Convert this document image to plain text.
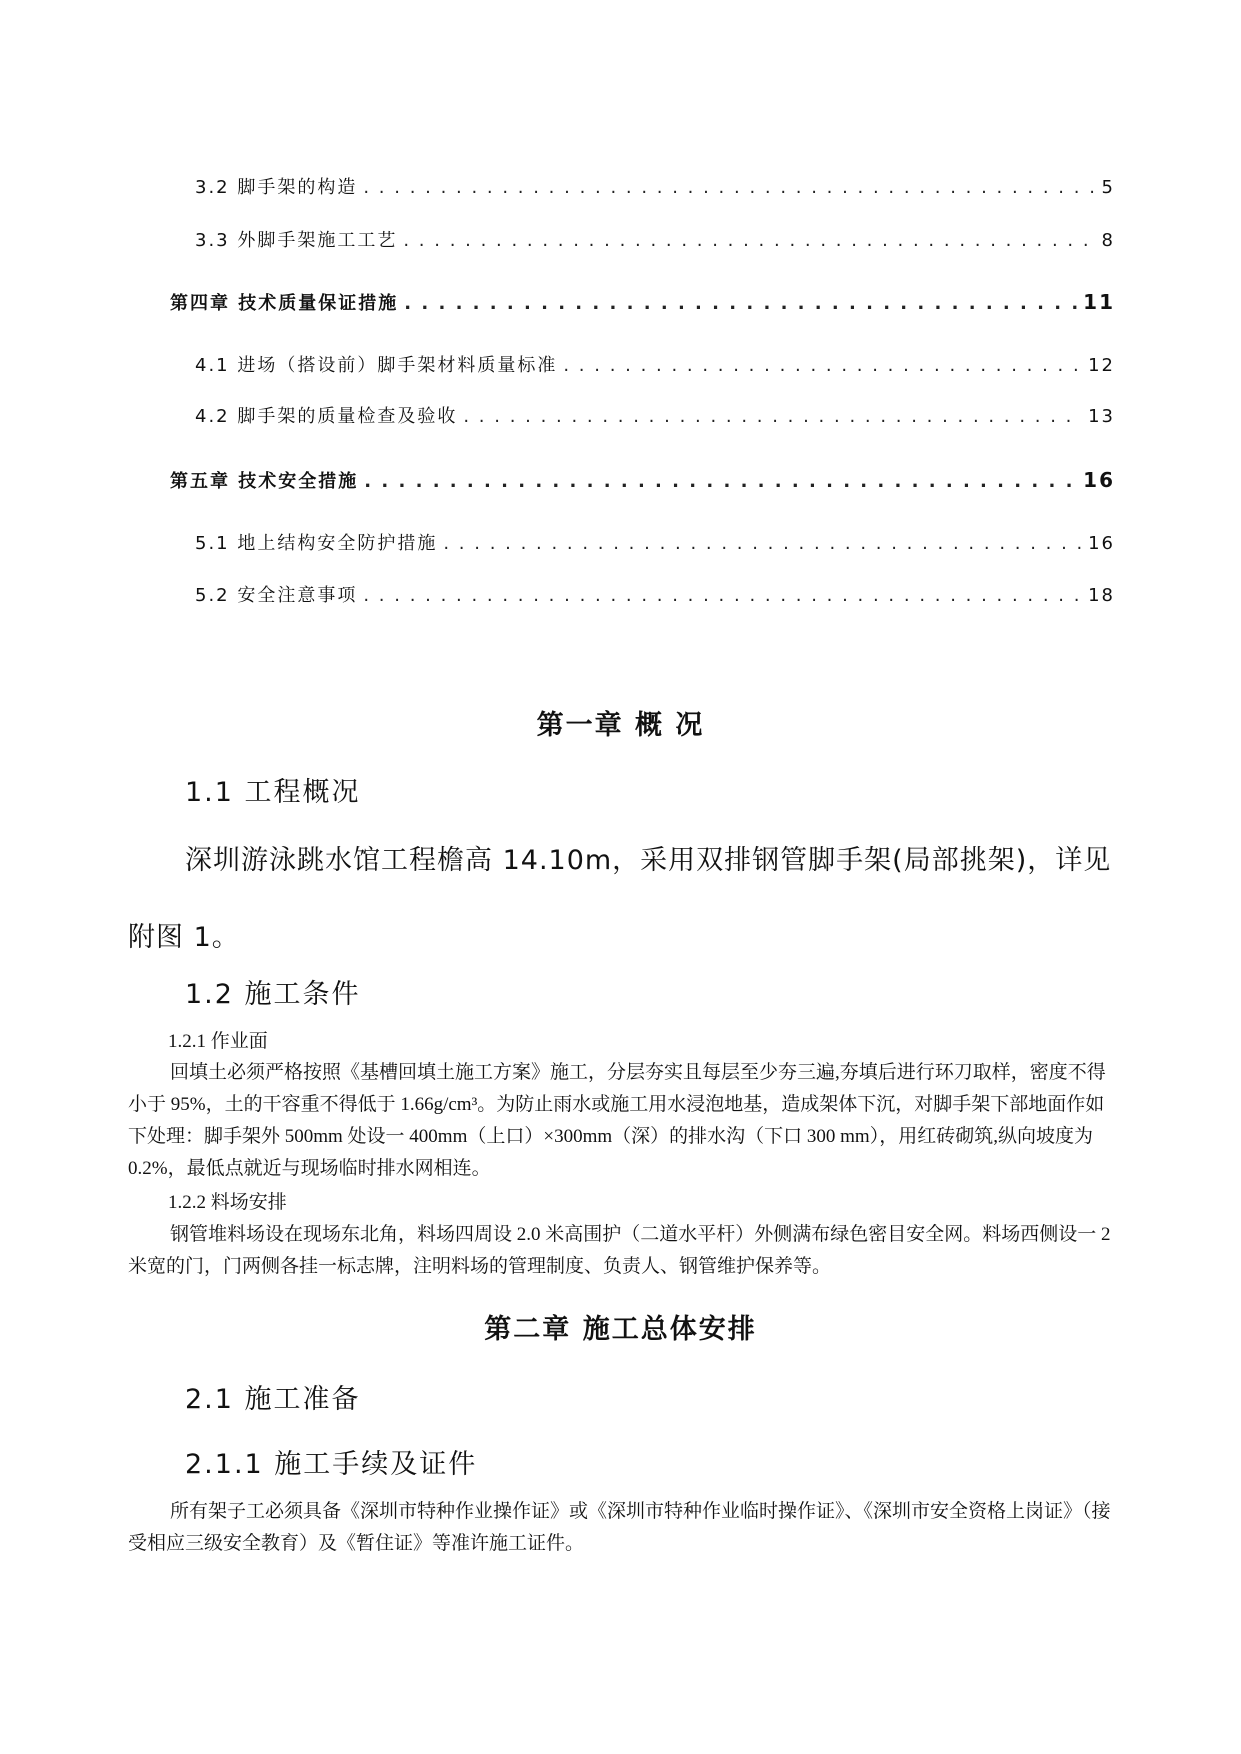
3.2 脚手架的构造 . . .	5
3.3 外脚手架施工工艺 . . .	8
第四章 技术质量保证措施 . . .	11
4.1 进场（搭设前）脚手架材料质量标准 . . .	12
4.2 脚手架的质量检查及验收 . . .	13
第五章 技术安全措施 . . .	16
5.1 地上结构安全防护措施 . . .	16
5.2 安全注意事项 . . .	18
第一章 概 况
1.1 工程概况

深圳游泳跳水馆工程檐高 14.10m，采用双排钢管脚手架(局部挑架)，详见附图 1。

1.2 施工条件

1.2.1 作业面

回填土必须严格按照《基槽回填土施工方案》施工，分层夯实且每层至少夯三遍,夯填后进行环刀取样，密度不得小于 95%，土的干容重不得低于 1.66g/cm³。为防止雨水或施工用水浸泡地基，造成架体下沉，对脚手架下部地面作如下处理：脚手架外 500mm 处设一 400mm（上口）×300mm（深）的排水沟（下口 300 mm），用红砖砌筑,纵向坡度为 0.2%，最低点就近与现场临时排水网相连。

1.2.2 料场安排

钢管堆料场设在现场东北角，料场四周设 2.0 米高围护（二道水平杆）外侧满布绿色密目安全网。料场西侧设一 2 米宽的门，门两侧各挂一标志牌，注明料场的管理制度、负责人、钢管维护保养等。

第二章 施工总体安排
2.1 施工准备
2.1.1 施工手续及证件

所有架子工必须具备《深圳市特种作业操作证》或《深圳市特种作业临时操作证》、《深圳市安全资格上岗证》（接受相应三级安全教育）及《暂住证》等准许施工证件。
